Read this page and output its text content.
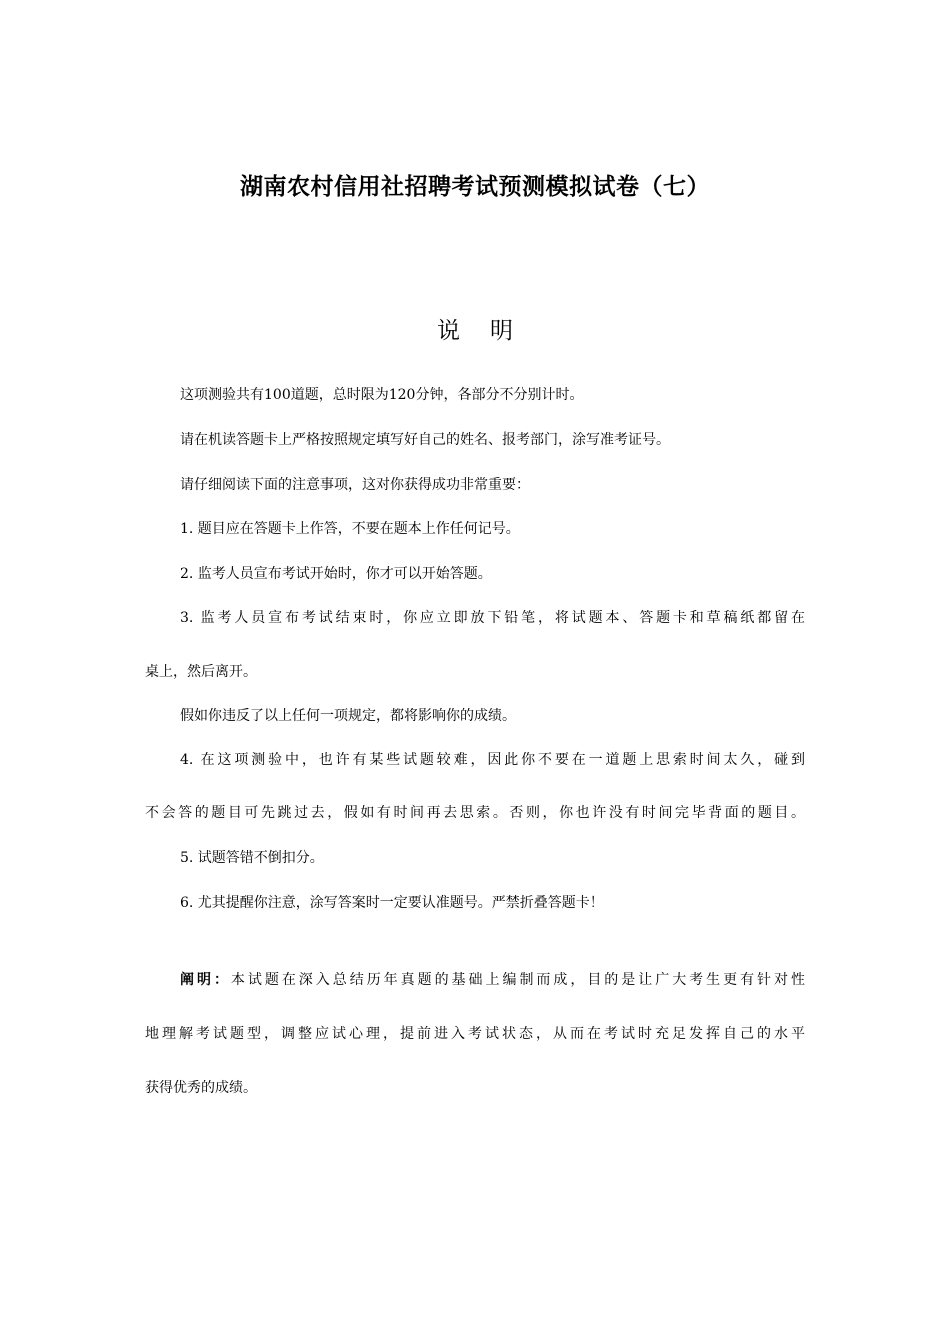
湖南农村信用社招聘考试预测模拟试卷（七）
说 明
这项测验共有100道题，总时限为120分钟，各部分不分别计时。
请在机读答题卡上严格按照规定填写好自己的姓名、报考部门，涂写准考证号。
请仔细阅读下面的注意事项，这对你获得成功非常重要：
1. 题目应在答题卡上作答，不要在题本上作任何记号。
2. 监考人员宣布考试开始时，你才可以开始答题。
3. 监考人员宣布考试结束时，你应立即放下铅笔，将试题本、答题卡和草稿纸都留在
桌上，然后离开。
假如你违反了以上任何一项规定，都将影响你的成绩。
4. 在这项测验中，也许有某些试题较难，因此你不要在一道题上思索时间太久，碰到
不会答的题目可先跳过去，假如有时间再去思索。否则，你也许没有时间完毕背面的题目。
5. 试题答错不倒扣分。
6. 尤其提醒你注意，涂写答案时一定要认准题号。严禁折叠答题卡！
阐明：本试题在深入总结历年真题的基础上编制而成，目的是让广大考生更有针对性
地理解考试题型，调整应试心理，提前进入考试状态，从而在考试时充足发挥自己的水平
获得优秀的成绩。
